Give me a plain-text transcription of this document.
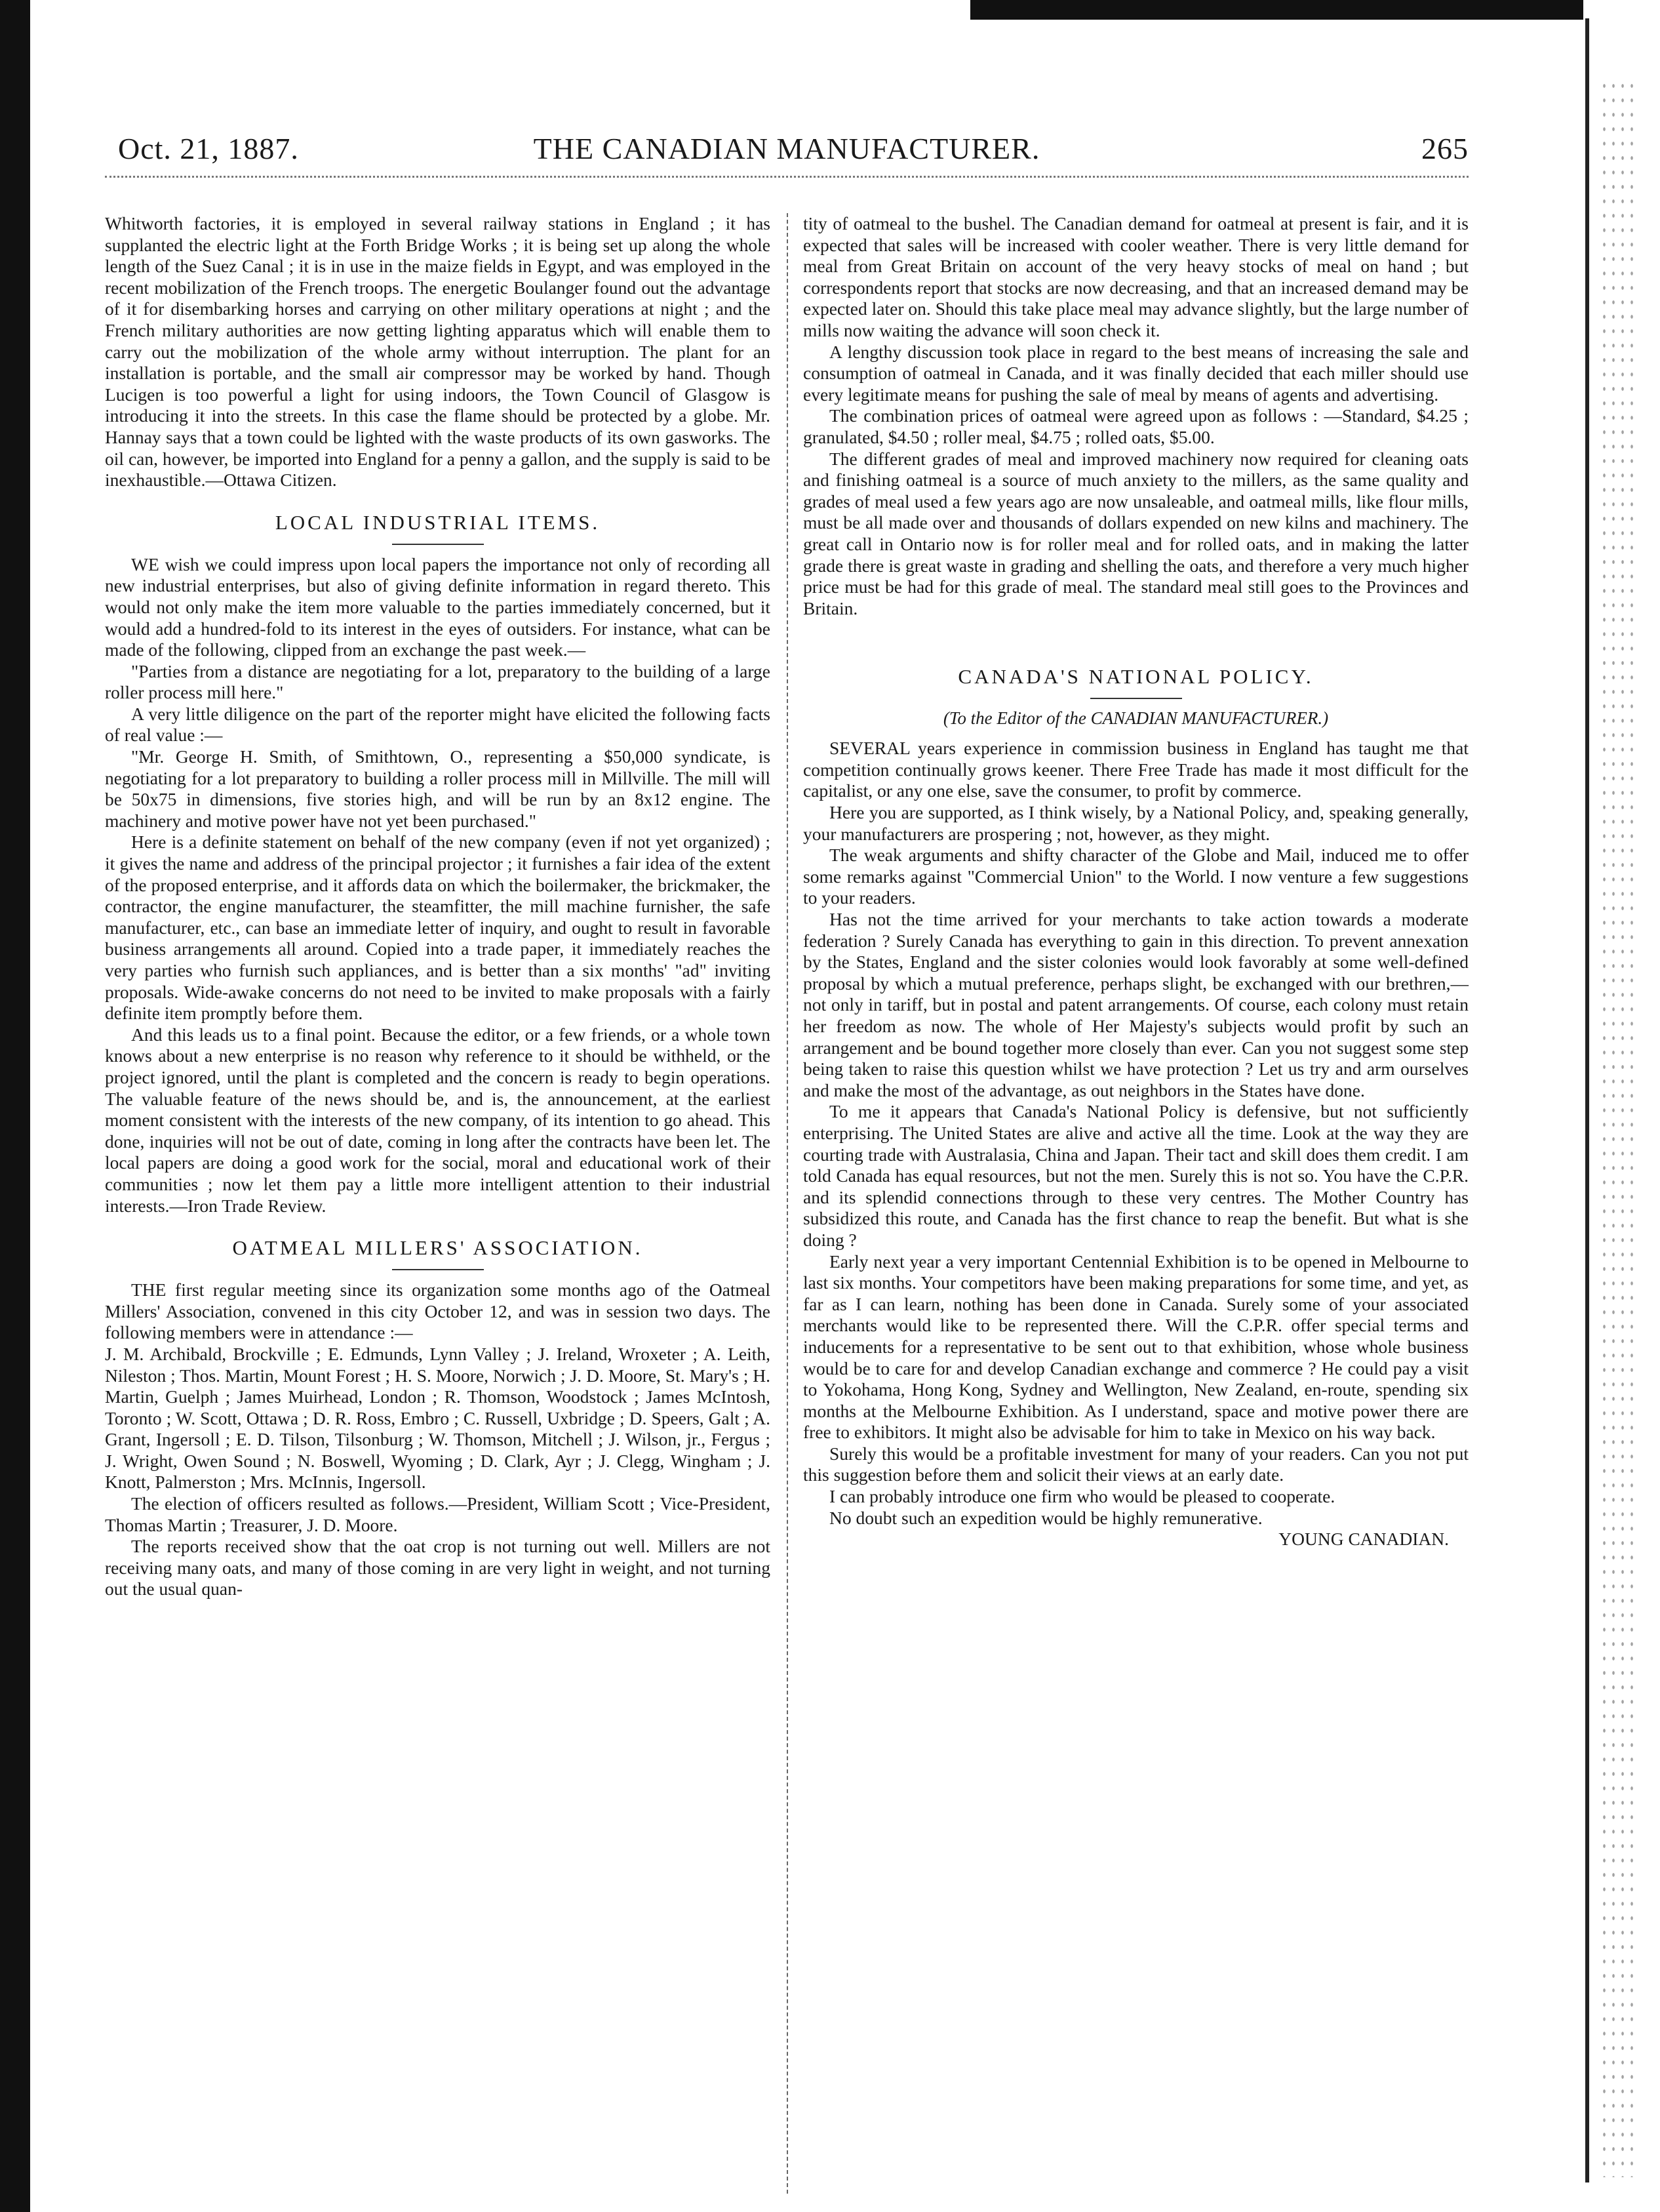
Oct. 21, 1887.	THE CANADIAN MANUFACTURER.	265

Whitworth factories, it is employed in several railway stations in England ; it has supplanted the electric light at the Forth Bridge Works ; it is being set up along the whole length of the Suez Canal ; it is in use in the maize fields in Egypt, and was employed in the recent mobilization of the French troops. The energetic Boulanger found out the advantage of it for disembarking horses and carrying on other military operations at night ; and the French military authorities are now getting lighting apparatus which will enable them to carry out the mobilization of the whole army without interruption. The plant for an installation is portable, and the small air compressor may be worked by hand. Though Lucigen is too powerful a light for using indoors, the Town Council of Glasgow is introducing it into the streets. In this case the flame should be protected by a globe. Mr. Hannay says that a town could be lighted with the waste products of its own gasworks. The oil can, however, be imported into England for a penny a gallon, and the supply is said to be inexhaustible.—Ottawa Citizen.

LOCAL INDUSTRIAL ITEMS.

WE wish we could impress upon local papers the importance not only of recording all new industrial enterprises, but also of giving definite information in regard thereto. This would not only make the item more valuable to the parties immediately concerned, but it would add a hundred-fold to its interest in the eyes of outsiders. For instance, what can be made of the following, clipped from an exchange the past week.—

"Parties from a distance are negotiating for a lot, preparatory to the building of a large roller process mill here."

A very little diligence on the part of the reporter might have elicited the following facts of real value :—

"Mr. George H. Smith, of Smithtown, O., representing a $50,000 syndicate, is negotiating for a lot preparatory to building a roller process mill in Millville. The mill will be 50x75 in dimensions, five stories high, and will be run by an 8x12 engine. The machinery and motive power have not yet been purchased."

Here is a definite statement on behalf of the new company (even if not yet organized) ; it gives the name and address of the principal projector ; it furnishes a fair idea of the extent of the proposed enterprise, and it affords data on which the boilermaker, the brickmaker, the contractor, the engine manufacturer, the steamfitter, the mill machine furnisher, the safe manufacturer, etc., can base an immediate letter of inquiry, and ought to result in favorable business arrangements all around. Copied into a trade paper, it immediately reaches the very parties who furnish such appliances, and is better than a six months' "ad" inviting proposals. Wide-awake concerns do not need to be invited to make proposals with a fairly definite item promptly before them.

And this leads us to a final point. Because the editor, or a few friends, or a whole town knows about a new enterprise is no reason why reference to it should be withheld, or the project ignored, until the plant is completed and the concern is ready to begin operations. The valuable feature of the news should be, and is, the announcement, at the earliest moment consistent with the interests of the new company, of its intention to go ahead. This done, inquiries will not be out of date, coming in long after the contracts have been let. The local papers are doing a good work for the social, moral and educational work of their communities ; now let them pay a little more intelligent attention to their industrial interests.—Iron Trade Review.

OATMEAL MILLERS' ASSOCIATION.

THE first regular meeting since its organization some months ago of the Oatmeal Millers' Association, convened in this city October 12, and was in session two days. The following members were in attendance :—

J. M. Archibald, Brockville ; E. Edmunds, Lynn Valley ; J. Ireland, Wroxeter ; A. Leith, Nileston ; Thos. Martin, Mount Forest ; H. S. Moore, Norwich ; J. D. Moore, St. Mary's ; H. Martin, Guelph ; James Muirhead, London ; R. Thomson, Woodstock ; James McIntosh, Toronto ; W. Scott, Ottawa ; D. R. Ross, Embro ; C. Russell, Uxbridge ; D. Speers, Galt ; A. Grant, Ingersoll ; E. D. Tilson, Tilsonburg ; W. Thomson, Mitchell ; J. Wilson, jr., Fergus ; J. Wright, Owen Sound ; N. Boswell, Wyoming ; D. Clark, Ayr ; J. Clegg, Wingham ; J. Knott, Palmerston ; Mrs. McInnis, Ingersoll.

The election of officers resulted as follows.—President, William Scott ; Vice-President, Thomas Martin ; Treasurer, J. D. Moore.

The reports received show that the oat crop is not turning out well. Millers are not receiving many oats, and many of those coming in are very light in weight, and not turning out the usual quan-

tity of oatmeal to the bushel. The Canadian demand for oatmeal at present is fair, and it is expected that sales will be increased with cooler weather. There is very little demand for meal from Great Britain on account of the very heavy stocks of meal on hand ; but correspondents report that stocks are now decreasing, and that an increased demand may be expected later on. Should this take place meal may advance slightly, but the large number of mills now waiting the advance will soon check it.

A lengthy discussion took place in regard to the best means of increasing the sale and consumption of oatmeal in Canada, and it was finally decided that each miller should use every legitimate means for pushing the sale of meal by means of agents and advertising.

The combination prices of oatmeal were agreed upon as follows : —Standard, $4.25 ; granulated, $4.50 ; roller meal, $4.75 ; rolled oats, $5.00.

The different grades of meal and improved machinery now required for cleaning oats and finishing oatmeal is a source of much anxiety to the millers, as the same quality and grades of meal used a few years ago are now unsaleable, and oatmeal mills, like flour mills, must be all made over and thousands of dollars expended on new kilns and machinery. The great call in Ontario now is for roller meal and for rolled oats, and in making the latter grade there is great waste in grading and shelling the oats, and therefore a very much higher price must be had for this grade of meal. The standard meal still goes to the Provinces and Britain.

CANADA'S NATIONAL POLICY.
(To the Editor of the CANADIAN MANUFACTURER.)

SEVERAL years experience in commission business in England has taught me that competition continually grows keener. There Free Trade has made it most difficult for the capitalist, or any one else, save the consumer, to profit by commerce.

Here you are supported, as I think wisely, by a National Policy, and, speaking generally, your manufacturers are prospering ; not, however, as they might.

The weak arguments and shifty character of the Globe and Mail, induced me to offer some remarks against "Commercial Union" to the World. I now venture a few suggestions to your readers.

Has not the time arrived for your merchants to take action towards a moderate federation ? Surely Canada has everything to gain in this direction. To prevent annexation by the States, England and the sister colonies would look favorably at some well-defined proposal by which a mutual preference, perhaps slight, be exchanged with our brethren,—not only in tariff, but in postal and patent arrangements. Of course, each colony must retain her freedom as now. The whole of Her Majesty's subjects would profit by such an arrangement and be bound together more closely than ever. Can you not suggest some step being taken to raise this question whilst we have protection ? Let us try and arm ourselves and make the most of the advantage, as out neighbors in the States have done.

To me it appears that Canada's National Policy is defensive, but not sufficiently enterprising. The United States are alive and active all the time. Look at the way they are courting trade with Australasia, China and Japan. Their tact and skill does them credit. I am told Canada has equal resources, but not the men. Surely this is not so. You have the C.P.R. and its splendid connections through to these very centres. The Mother Country has subsidized this route, and Canada has the first chance to reap the benefit. But what is she doing ?

Early next year a very important Centennial Exhibition is to be opened in Melbourne to last six months. Your competitors have been making preparations for some time, and yet, as far as I can learn, nothing has been done in Canada. Surely some of your associated merchants would like to be represented there. Will the C.P.R. offer special terms and inducements for a representative to be sent out to that exhibition, whose whole business would be to care for and develop Canadian exchange and commerce ? He could pay a visit to Yokohama, Hong Kong, Sydney and Wellington, New Zealand, en-route, spending six months at the Melbourne Exhibition. As I understand, space and motive power there are free to exhibitors. It might also be advisable for him to take in Mexico on his way back.

Surely this would be a profitable investment for many of your readers. Can you not put this suggestion before them and solicit their views at an early date.

I can probably introduce one firm who would be pleased to cooperate.

No doubt such an expedition would be highly remunerative.

YOUNG CANADIAN.
